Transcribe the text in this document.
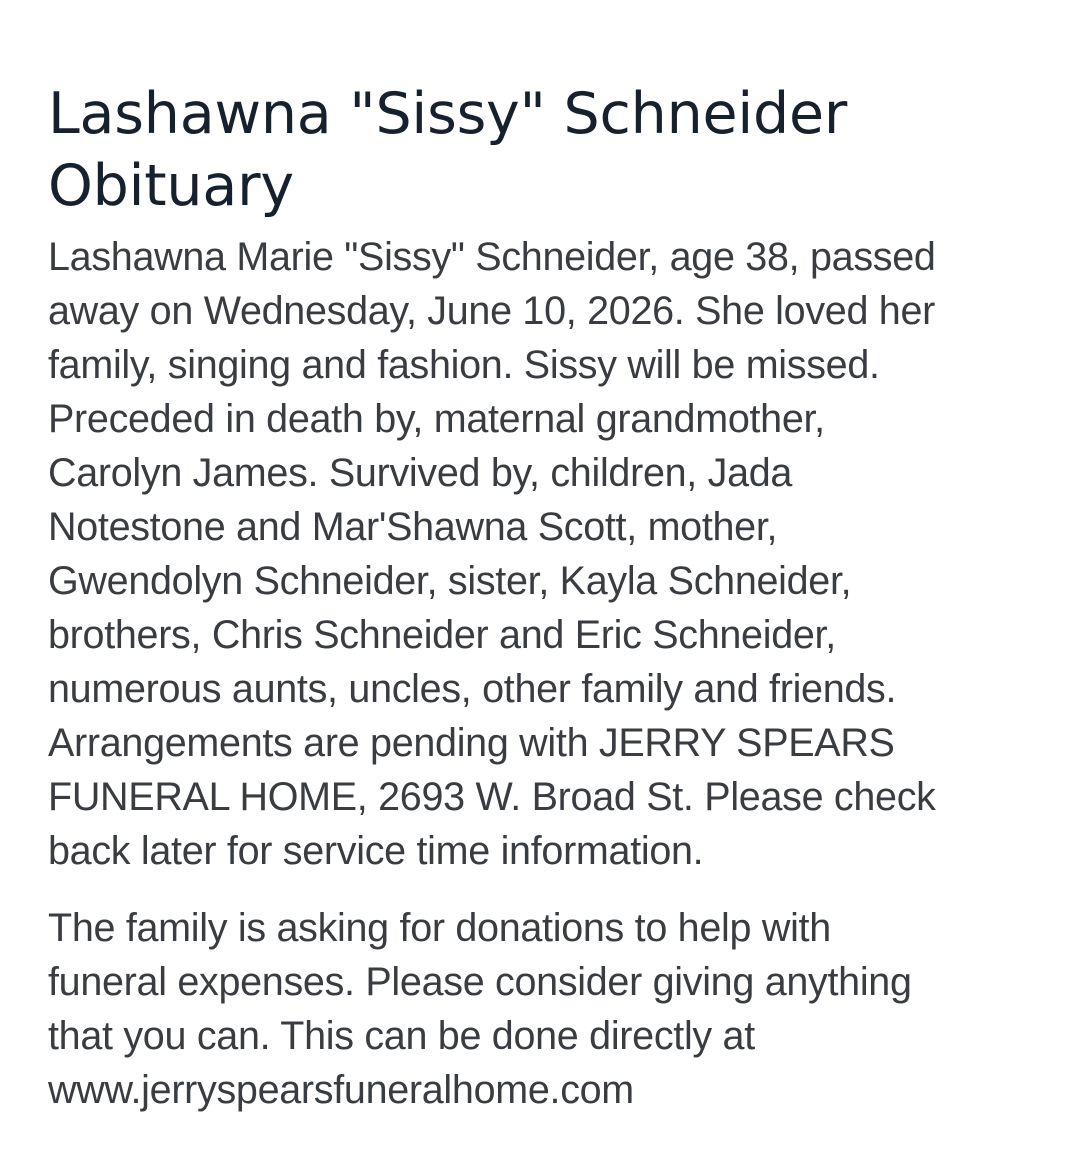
Lashawna "Sissy" Schneider
Obituary

Lashawna Marie "Sissy" Schneider, age 38, passed
away on Wednesday, June 10, 2026. She loved her
family, singing and fashion. Sissy will be missed.
Preceded in death by, maternal grandmother,
Carolyn James. Survived by, children, Jada
Notestone and Mar'Shawna Scott, mother,
Gwendolyn Schneider, sister, Kayla Schneider,
brothers, Chris Schneider and Eric Schneider,
numerous aunts, uncles, other family and friends.
Arrangements are pending with JERRY SPEARS
FUNERAL HOME, 2693 W. Broad St. Please check
back later for service time information.

The family is asking for donations to help with
funeral expenses. Please consider giving anything
that you can. This can be done directly at
www.jerryspearsfuneralhome.com
